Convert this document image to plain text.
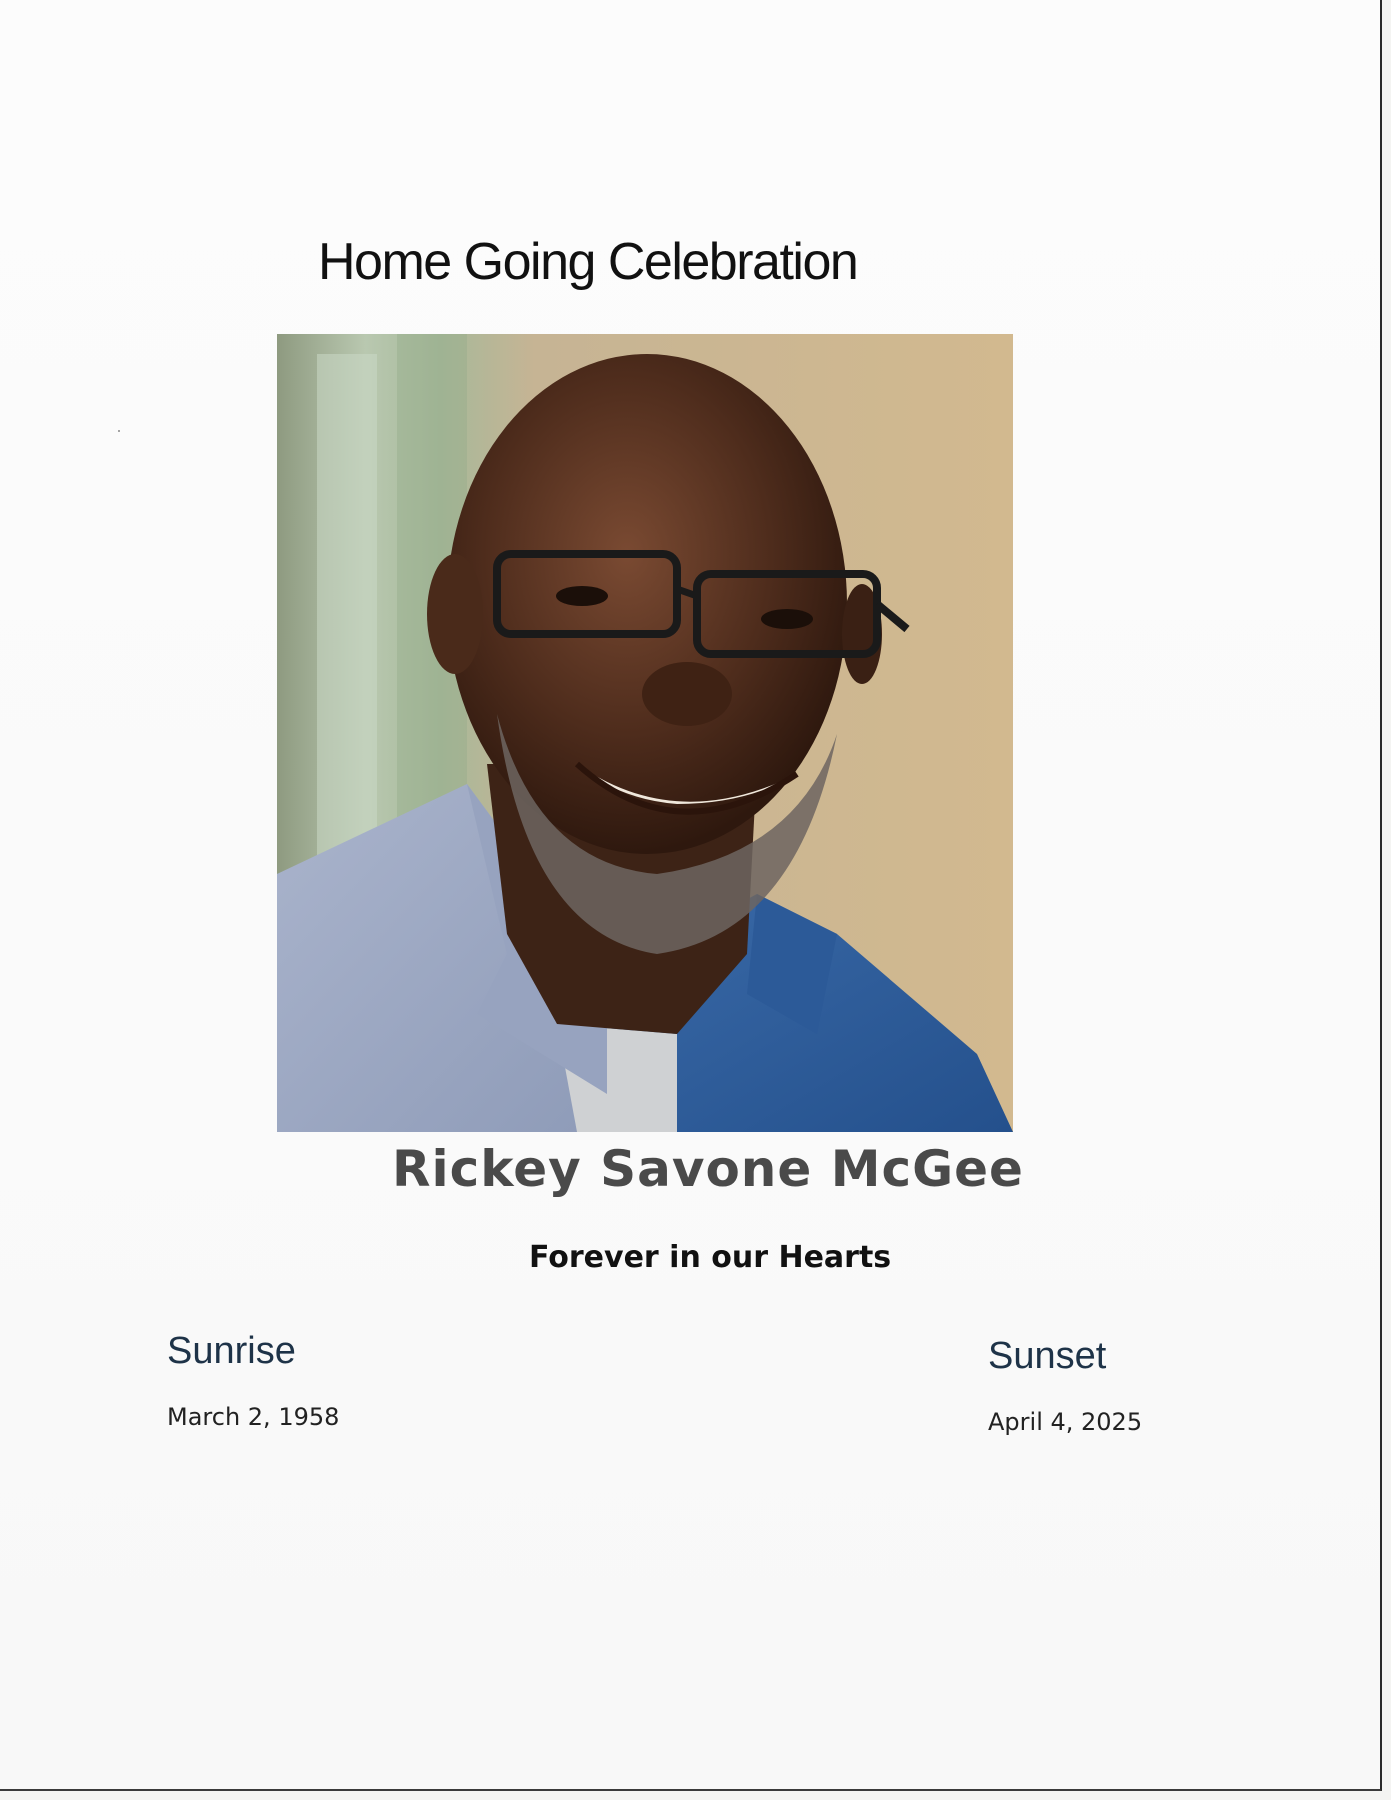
Home Going Celebration
Rickey Savone McGee
Forever in our Hearts
Sunrise
March 2, 1958
Sunset
April 4, 2025
